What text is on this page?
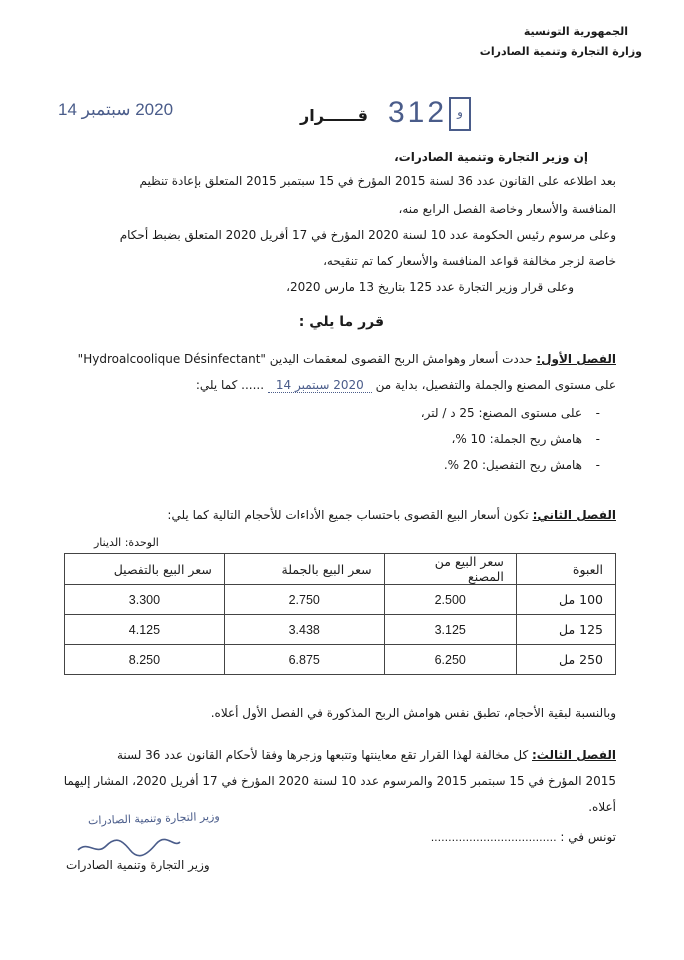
الجمهورية التونسية
وزارة التجارة وتنمية الصادرات
312 و
قــــــرار
2020 سبتمبر 14
إن وزير التجارة وتنمية الصادرات،
بعد اطلاعه على القانون عدد 36 لسنة 2015 المؤرخ في 15 سبتمبر 2015 المتعلق بإعادة تنظيم
المنافسة والأسعار وخاصة الفصل الرابع منه،
وعلى مرسوم رئيس الحكومة عدد 10 لسنة 2020 المؤرخ في 17 أفريل 2020 المتعلق بضبط أحكام
خاصة لزجر مخالفة قواعد المنافسة والأسعار كما تم تنقيحه،
وعلى قرار وزير التجارة عدد 125 بتاريخ 13 مارس 2020،
قرر ما يلي :
الفصل الأول: حددت أسعار وهوامش الربح القصوى لمعقمات اليدين "Hydroalcoolique Désinfectant"
على مستوى المصنع والجملة والتفصيل، بداية من 2020 سبتمبر 14 ...... كما يلي:
-على مستوى المصنع: 25 د / لتر،
-هامش ربح الجملة: 10 %،
-هامش ربح التفصيل: 20 %.
الفصل الثاني: تكون أسعار البيع القصوى باحتساب جميع الأداءات للأحجام التالية كما يلي:
الوحدة: الدينار
العبوة	سعر البيع من المصنع	سعر البيع بالجملة	سعر البيع بالتفصيل
100 مل	2.500	2.750	3.300
125 مل	3.125	3.438	4.125
250 مل	6.250	6.875	8.250
وبالنسبة لبقية الأحجام، تطبق نفس هوامش الربح المذكورة في الفصل الأول أعلاه.
الفصل الثالث: كل مخالفة لهذا القرار تقع معاينتها وتتبعها وزجرها وفقا لأحكام القانون عدد 36 لسنة
2015 المؤرخ في 15 سبتمبر 2015 والمرسوم عدد 10 لسنة 2020 المؤرخ في 17 أفريل 2020، المشار إليهما
أعلاه.
تونس في : ....................................
وزير التجارة وتنمية الصادرات
وزير التجارة وتنمية الصادرات
